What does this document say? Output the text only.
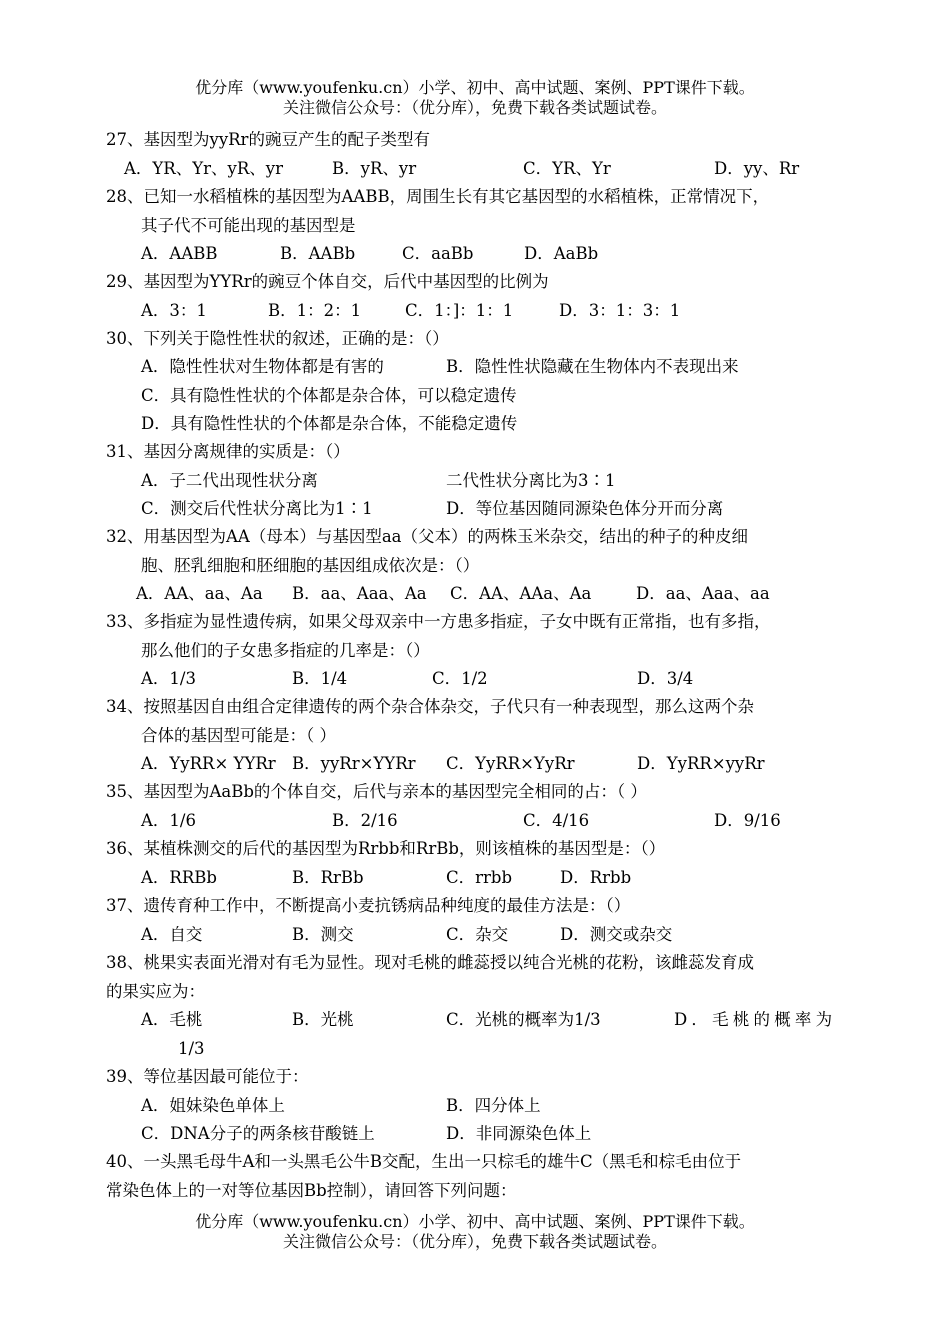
优分库（www.youfenku.cn）小学、初中、高中试题、案例、PPT课件下载。
关注微信公众号：（优分库），免费下载各类试题试卷。
27、基因型为yyRr的豌豆产生的配子类型有
A．YR、Yr、yR、yr	B．yR、yr	C．YR、Yr	D．yy、Rr
28、已知一水稻植株的基因型为AABB，周围生长有其它基因型的水稻植株，正常情况下，
其子代不可能出现的基因型是
A．AABB	B．AABb	C．aaBb	D．AaBb
29、基因型为YYRr的豌豆个体自交，后代中基因型的比例为
A．3：1	B．1：2：1	C．1：]：1：1	D．3：1：3：1
30、下列关于隐性性状的叙述，正确的是：（）
A．隐性性状对生物体都是有害的	B．隐性性状隐藏在生物体内不表现出来
C．具有隐性性状的个体都是杂合体，可以稳定遗传
D．具有隐性性状的个体都是杂合体，不能稳定遗传
31、基因分离规律的实质是：（）
A．子二代出现性状分离	二代性状分离比为3∶1
C．测交后代性状分离比为1∶1	D．等位基因随同源染色体分开而分离
32、用基因型为AA（母本）与基因型aa（父本）的两株玉米杂交，结出的种子的种皮细
胞、胚乳细胞和胚细胞的基因组成依次是：（）
A．AA、aa、Aa B．aa、Aaa、Aa C．AA、AAa、Aa	D．aa、Aaa、aa
33、多指症为显性遗传病，如果父母双亲中一方患多指症，子女中既有正常指，也有多指，
那么他们的子女患多指症的几率是：（）
A．1/3	B．1/4	C．1/2	D．3/4
34、按照基因自由组合定律遗传的两个杂合体杂交，子代只有一种表现型，那么这两个杂
合体的基因型可能是：（ ）
A．YyRR× YYRr B．yyRr×YYRr C．YyRR×YyRr	D．YyRR×yyRr
35、基因型为AaBb的个体自交，后代与亲本的基因型完全相同的占：（ ）
A．1/6	B．2/16	C．4/16	D．9/16
36、某植株测交的后代的基因型为Rrbb和RrBb，则该植株的基因型是：（）
A．RRBb	B．RrBb	C．rrbb	D．Rrbb
37、遗传育种工作中，不断提高小麦抗锈病品种纯度的最佳方法是：（）
A．自交	B．测交	C．杂交	D．测交或杂交
38、桃果实表面光滑对有毛为显性。现对毛桃的雌蕊授以纯合光桃的花粉，该雌蕊发育成
的果实应为：
A．毛桃	B．光桃	C．光桃的概率为1/3	D．毛桃的概率为
1/3
39、等位基因最可能位于：
A．姐妹染色单体上	B．四分体上
C．DNA分子的两条核苷酸链上	D．非同源染色体上
40、一头黑毛母牛A和一头黑毛公牛B交配，生出一只棕毛的雄牛C（黑毛和棕毛由位于
常染色体上的一对等位基因Bb控制），请回答下列问题：
优分库（www.youfenku.cn）小学、初中、高中试题、案例、PPT课件下载。
关注微信公众号：（优分库），免费下载各类试题试卷。
